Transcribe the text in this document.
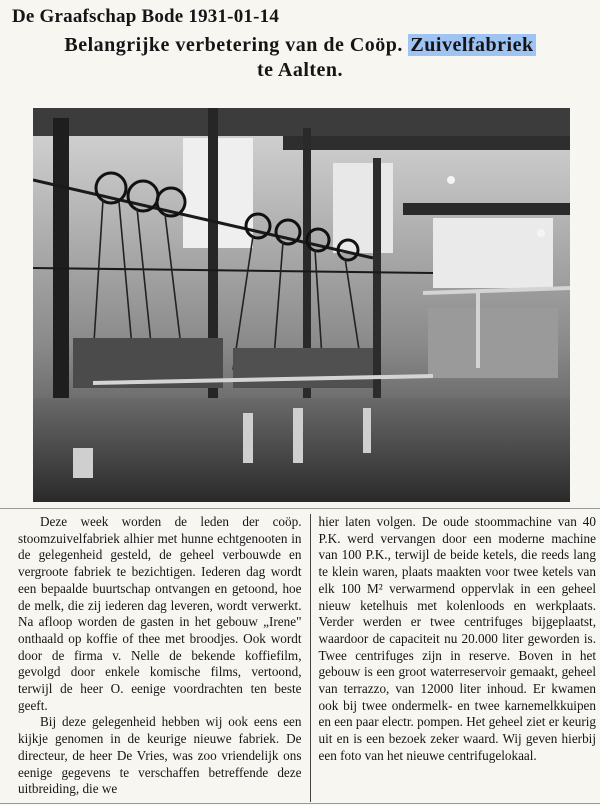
De Graafschap Bode 1931-01-14
Belangrijke verbetering van de Coöp. Zuivelfabriek
te Aalten.

Deze week worden de leden der coöp. stoomzuivelfabriek alhier met hunne echtgenooten in de gelegenheid gesteld, de geheel verbouwde en vergroote fabriek te bezichtigen. Iederen dag wordt een bepaalde buurtschap ontvangen en getoond, hoe de melk, die zij iederen dag leveren, wordt verwerkt. Na afloop worden de gasten in het gebouw „Irene" onthaald op koffie of thee met broodjes. Ook wordt door de firma v. Nelle de bekende koffiefilm, gevolgd door enkele komische films, vertoond, terwijl de heer O. eenige voordrachten ten beste geeft.

Bij deze gelegenheid hebben wij ook eens een kijkje genomen in de keurige nieuwe fabriek. De directeur, de heer De Vries, was zoo vriendelijk ons eenige gegevens te verschaffen betreffende deze uitbreiding, die we

hier laten volgen. De oude stoommachine van 40 P.K. werd vervangen door een moderne machine van 100 P.K., terwijl de beide ketels, die reeds lang te klein waren, plaats maakten voor twee ketels van elk 100 M² verwarmend oppervlak in een geheel nieuw ketelhuis met kolenloods en werkplaats. Verder werden er twee centrifuges bijgeplaatst, waardoor de capaciteit nu 20.000 liter geworden is. Twee centrifuges zijn in reserve. Boven in het gebouw is een groot waterreservoir gemaakt, geheel van terrazzo, van 12000 liter inhoud. Er kwamen ook bij twee ondermelk- en twee karnemelkkuipen en een paar electr. pompen. Het geheel ziet er keurig uit en is een bezoek zeker waard. Wij geven hierbij een foto van het nieuwe centrifugelokaal.
